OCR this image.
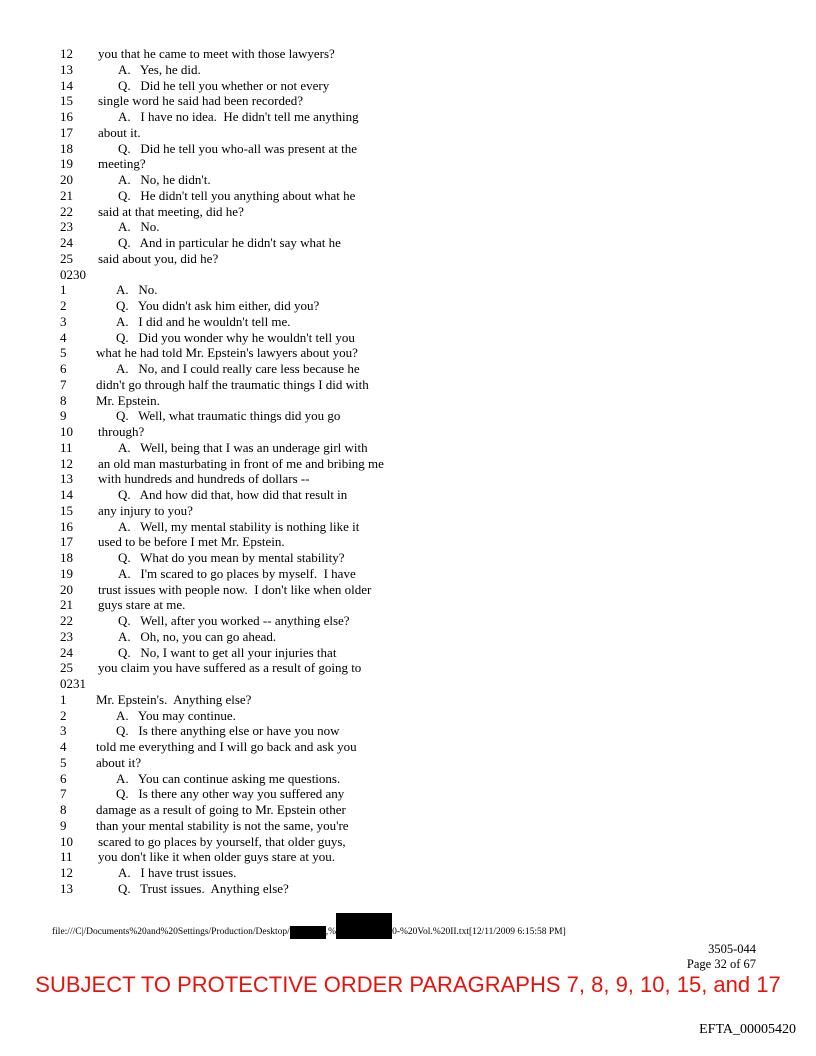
12	you that he came to meet with those lawyers?
13	A.   Yes, he did.
14	Q.   Did he tell you whether or not every
15	single word he said had been recorded?
16	A.   I have no idea.  He didn't tell me anything
17	about it.
18	Q.   Did he tell you who-all was present at the
19	meeting?
20	A.   No, he didn't.
21	Q.   He didn't tell you anything about what he
22	said at that meeting, did he?
23	A.   No.
24	Q.   And in particular he didn't say what he
25	said about you, did he?
0230
1	A.   No.
2	Q.   You didn't ask him either, did you?
3	A.   I did and he wouldn't tell me.
4	Q.   Did you wonder why he wouldn't tell you
5	what he had told Mr. Epstein's lawyers about you?
6	A.   No, and I could really care less because he
7	didn't go through half the traumatic things I did with
8	Mr. Epstein.
9	Q.   Well, what traumatic things did you go
10	through?
11	A.   Well, being that I was an underage girl with
12	an old man masturbating in front of me and bribing me
13	with hundreds and hundreds of dollars --
14	Q.   And how did that, how did that result in
15	any injury to you?
16	A.   Well, my mental stability is nothing like it
17	used to be before I met Mr. Epstein.
18	Q.   What do you mean by mental stability?
19	A.   I'm scared to go places by myself.  I have
20	trust issues with people now.  I don't like when older
21	guys stare at me.
22	Q.   Well, after you worked -- anything else?
23	A.   Oh, no, you can go ahead.
24	Q.   No, I want to get all your injuries that
25	you claim you have suffered as a result of going to
0231
1	Mr. Epstein's.  Anything else?
2	A.   You may continue.
3	Q.   Is there anything else or have you now
4	told me everything and I will go back and ask you
5	about it?
6	A.   You can continue asking me questions.
7	Q.   Is there any other way you suffered any
8	damage as a result of going to Mr. Epstein other
9	than your mental stability is not the same, you're
10	scared to go places by yourself, that older guys,
11	you don't like it when older guys stare at you.
12	A.   I have trust issues.
13	Q.   Trust issues.  Anything else?
file:///C|/Documents%20and%20Settings/Production/Desktop/	,%	0-%20Vol.%20II.txt[12/11/2009 6:15:58 PM]
3505-044
Page 32 of 67
SUBJECT TO PROTECTIVE ORDER PARAGRAPHS 7, 8, 9, 10, 15, and 17
EFTA_00005420
